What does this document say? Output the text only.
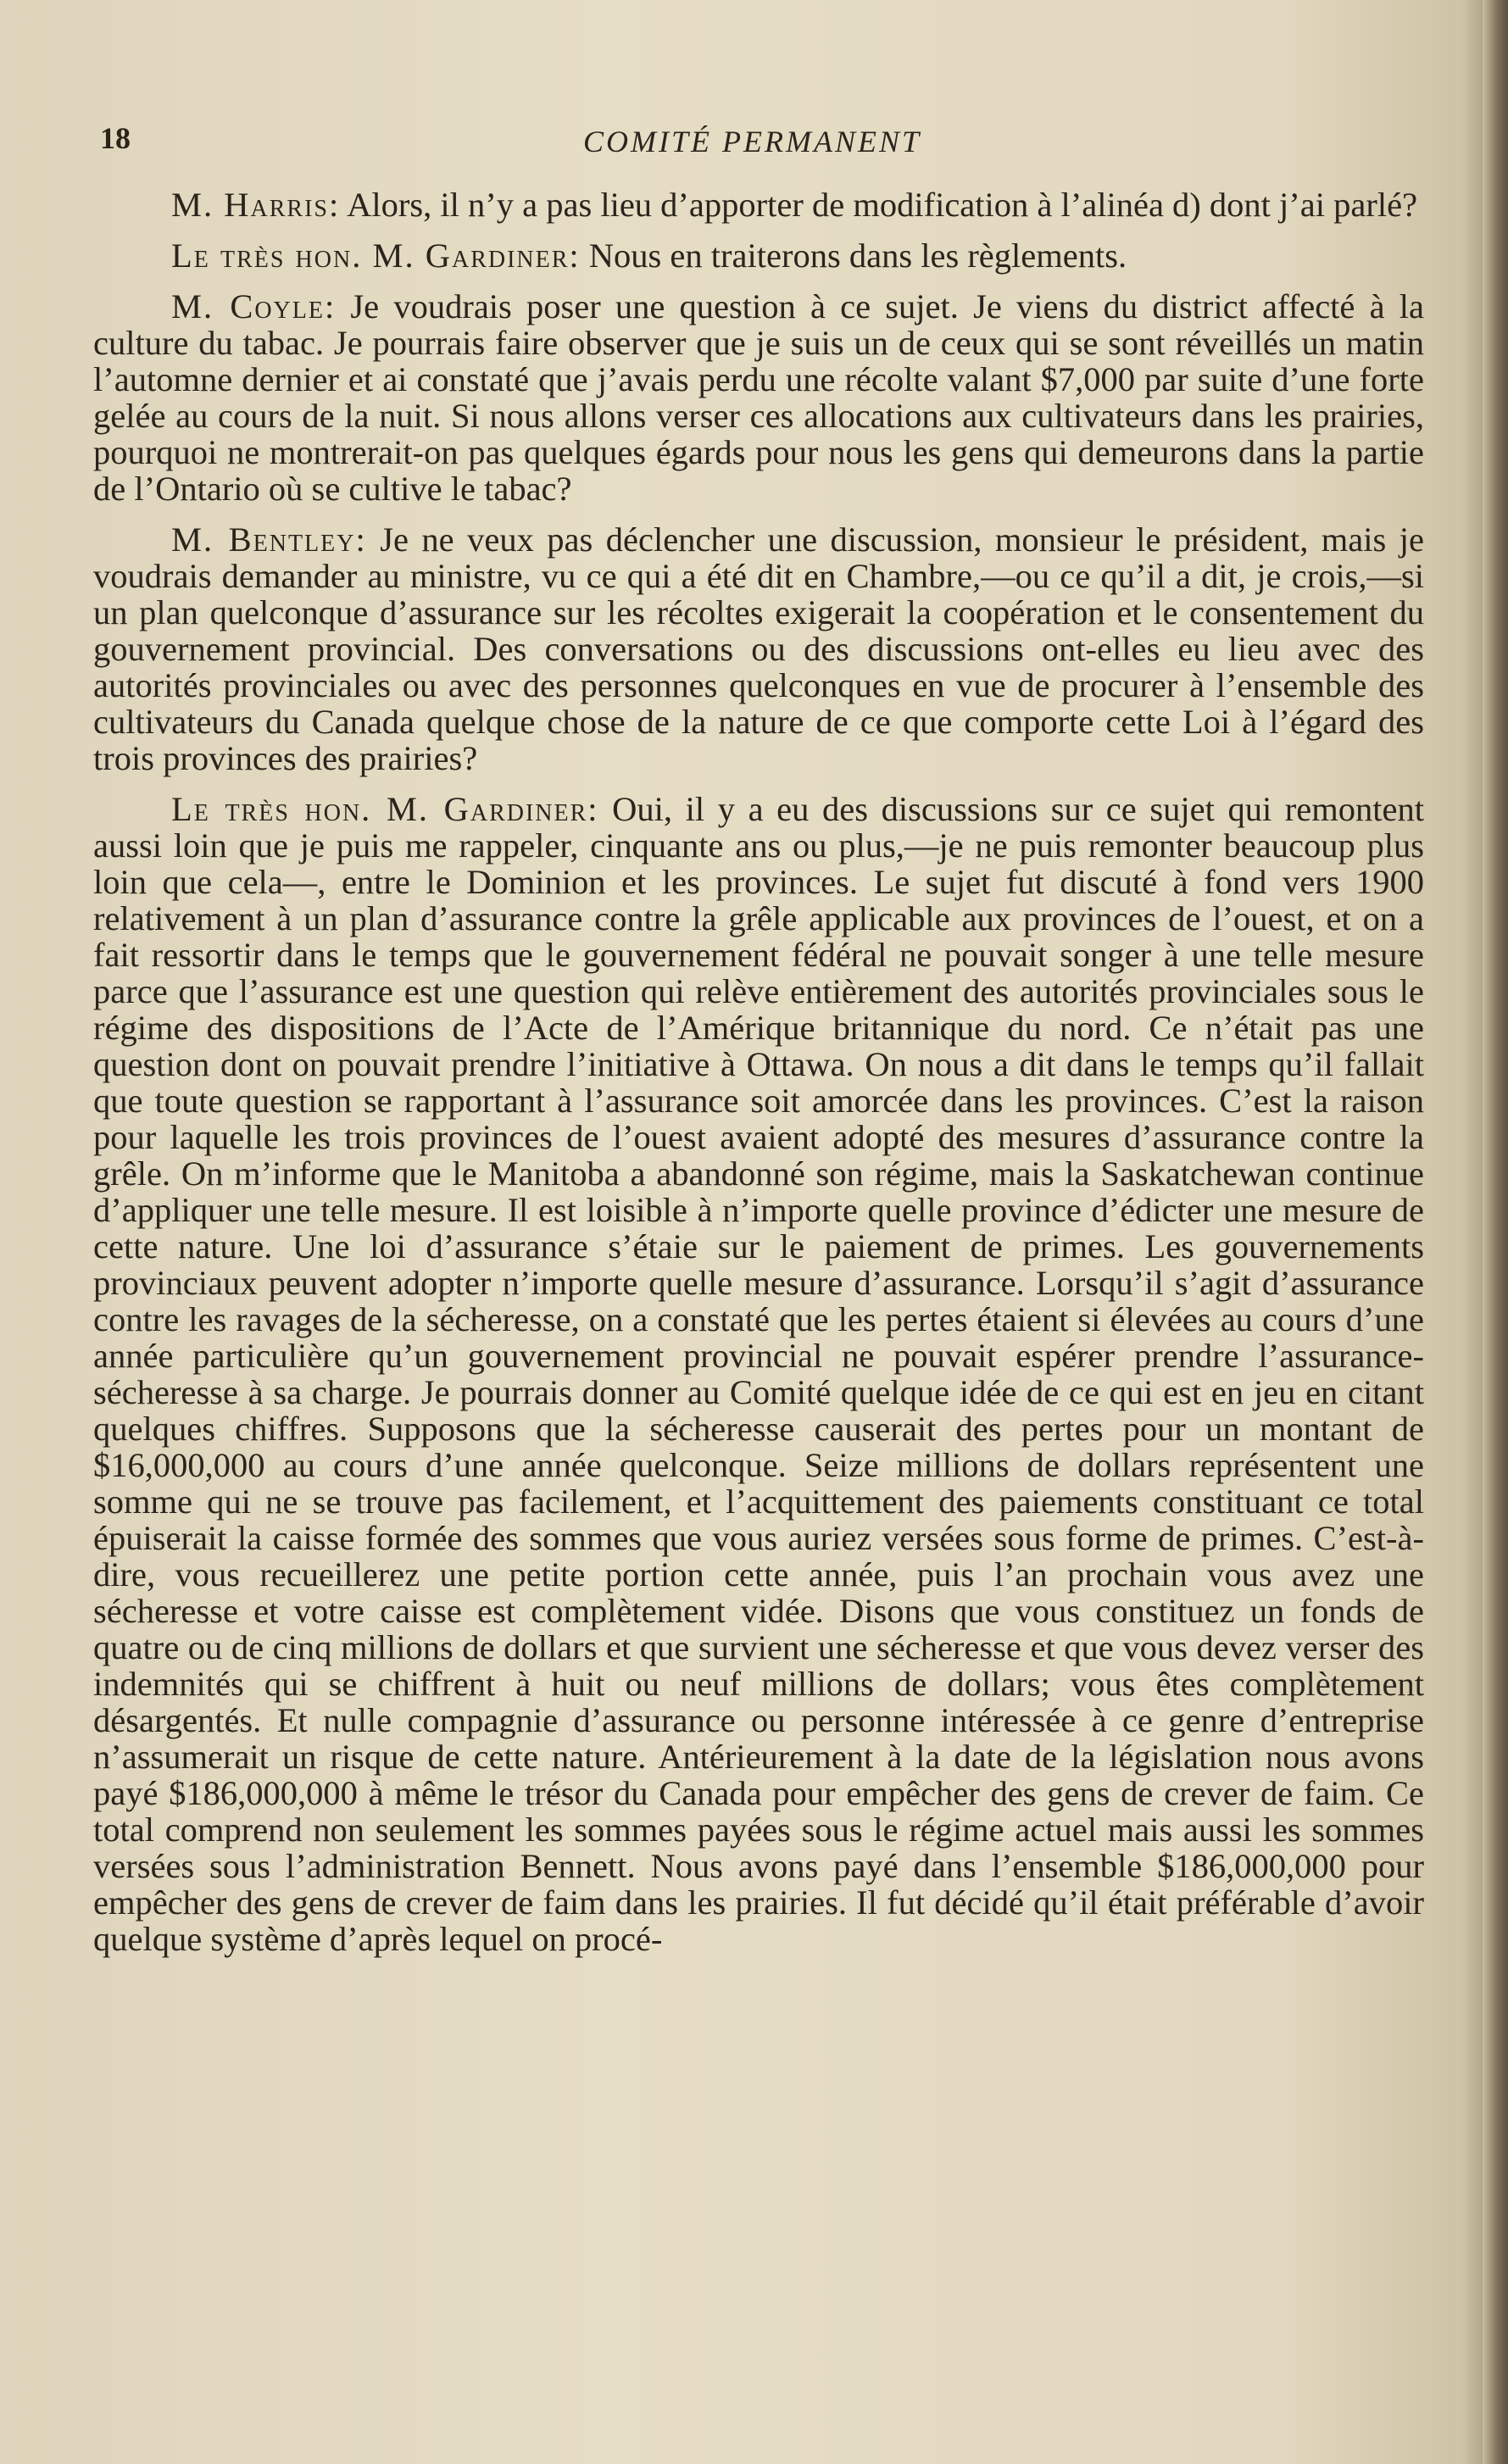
18	COMITÉ PERMANENT

M. Harris: Alors, il n’y a pas lieu d’apporter de modification à l’alinéa d) dont j’ai parlé?

Le très hon. M. Gardiner: Nous en traiterons dans les règlements.

M. Coyle: Je voudrais poser une question à ce sujet. Je viens du district affecté à la culture du tabac. Je pourrais faire observer que je suis un de ceux qui se sont réveillés un matin l’automne dernier et ai constaté que j’avais perdu une récolte valant $7,000 par suite d’une forte gelée au cours de la nuit. Si nous allons verser ces allocations aux cultivateurs dans les prairies, pourquoi ne montrerait-on pas quelques égards pour nous les gens qui demeurons dans la partie de l’Ontario où se cultive le tabac?

M. Bentley: Je ne veux pas déclencher une discussion, monsieur le président, mais je voudrais demander au ministre, vu ce qui a été dit en Chambre,—ou ce qu’il a dit, je crois,—si un plan quelconque d’assurance sur les récoltes exigerait la coopération et le consentement du gouvernement provincial. Des conversations ou des discussions ont-elles eu lieu avec des autorités provinciales ou avec des personnes quelconques en vue de procurer à l’ensemble des cultivateurs du Canada quelque chose de la nature de ce que comporte cette Loi à l’égard des trois provinces des prairies?

Le très hon. M. Gardiner: Oui, il y a eu des discussions sur ce sujet qui remontent aussi loin que je puis me rappeler, cinquante ans ou plus,—je ne puis remonter beaucoup plus loin que cela—, entre le Dominion et les provinces. Le sujet fut discuté à fond vers 1900 relativement à un plan d’assurance contre la grêle applicable aux provinces de l’ouest, et on a fait ressortir dans le temps que le gouvernement fédéral ne pouvait songer à une telle mesure parce que l’assurance est une question qui relève entièrement des autorités provinciales sous le régime des dispositions de l’Acte de l’Amérique britannique du nord. Ce n’était pas une question dont on pouvait prendre l’initiative à Ottawa. On nous a dit dans le temps qu’il fallait que toute question se rapportant à l’assurance soit amorcée dans les provinces. C’est la raison pour laquelle les trois provinces de l’ouest avaient adopté des mesures d’assurance contre la grêle. On m’informe que le Manitoba a abandonné son régime, mais la Saskatchewan continue d’appliquer une telle mesure. Il est loisible à n’importe quelle province d’édicter une mesure de cette nature. Une loi d’assurance s’étaie sur le paiement de primes. Les gouvernements provinciaux peuvent adopter n’importe quelle mesure d’assurance. Lorsqu’il s’agit d’assurance contre les ravages de la sécheresse, on a constaté que les pertes étaient si élevées au cours d’une année particulière qu’un gouvernement provincial ne pouvait espérer prendre l’assurance-sécheresse à sa charge. Je pourrais donner au Comité quelque idée de ce qui est en jeu en citant quelques chiffres. Supposons que la sécheresse causerait des pertes pour un montant de $16,000,000 au cours d’une année quelconque. Seize millions de dollars représentent une somme qui ne se trouve pas facilement, et l’acquittement des paiements constituant ce total épuiserait la caisse formée des sommes que vous auriez versées sous forme de primes. C’est-à-dire, vous recueillerez une petite portion cette année, puis l’an prochain vous avez une sécheresse et votre caisse est complètement vidée. Disons que vous constituez un fonds de quatre ou de cinq millions de dollars et que survient une sécheresse et que vous devez verser des indemnités qui se chiffrent à huit ou neuf millions de dollars; vous êtes complètement désargentés. Et nulle compagnie d’assurance ou personne intéressée à ce genre d’entreprise n’assumerait un risque de cette nature. Antérieurement à la date de la législation nous avons payé $186,000,000 à même le trésor du Canada pour empêcher des gens de crever de faim. Ce total comprend non seulement les sommes payées sous le régime actuel mais aussi les sommes versées sous l’administration Bennett. Nous avons payé dans l’ensemble $186,000,000 pour empêcher des gens de crever de faim dans les prairies. Il fut décidé qu’il était préférable d’avoir quelque système d’après lequel on procé-
